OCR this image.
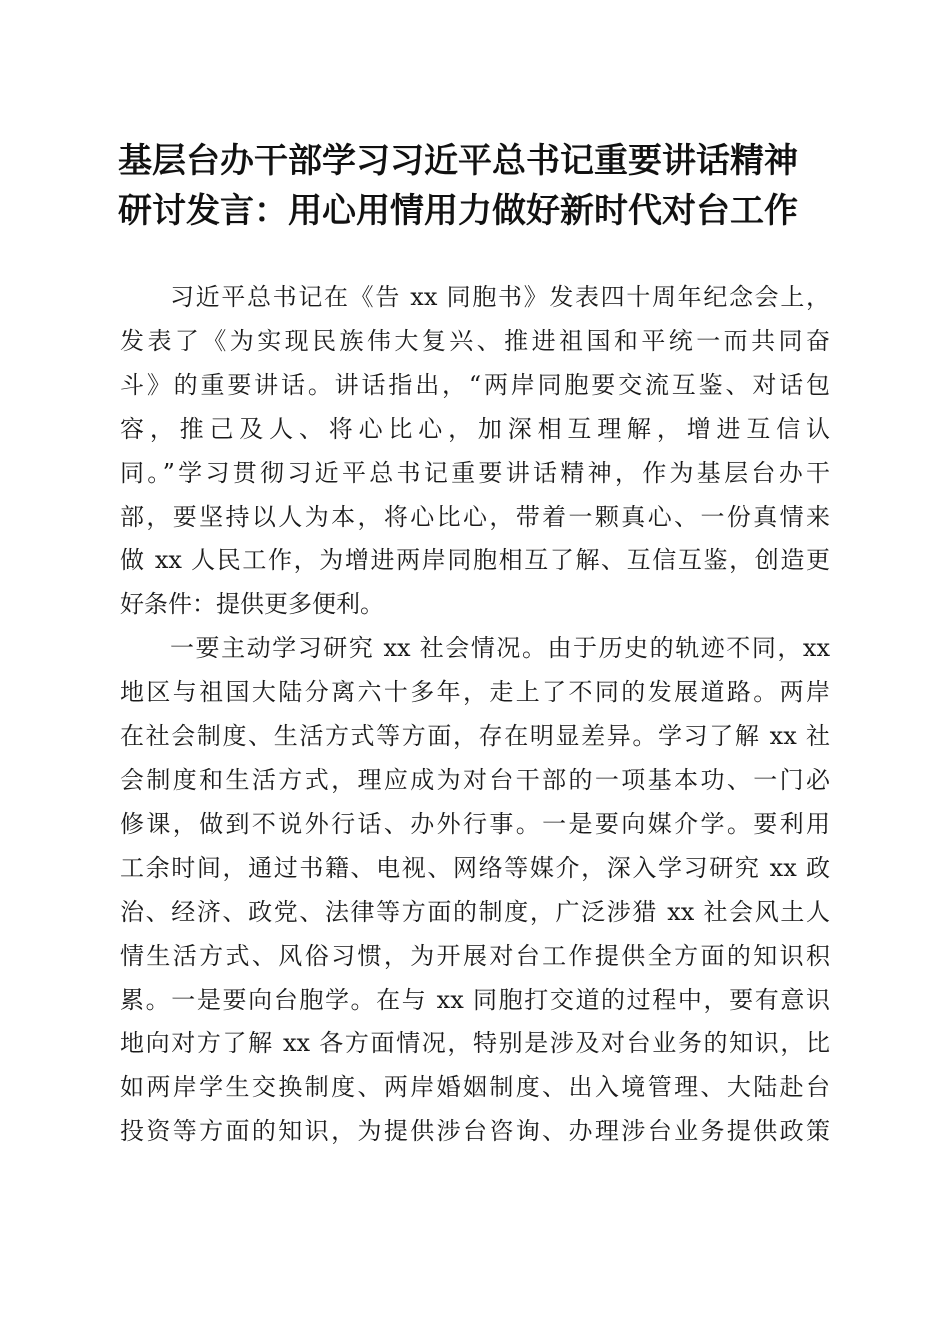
基层台办干部学习习近平总书记重要讲话精神
研讨发言：用心用情用力做好新时代对台工作

习近平总书记在《告 xx 同胞书》发表四十周年纪念会上，
发表了《为实现民族伟大复兴、推进祖国和平统一而共同奋
斗》的重要讲话。讲话指出，“两岸同胞要交流互鉴、对话包
容，推己及人、将心比心，加深相互理解，增进互信认
同。”学习贯彻习近平总书记重要讲话精神，作为基层台办干
部，要坚持以人为本，将心比心，带着一颗真心、一份真情来
做 xx 人民工作，为增进两岸同胞相互了解、互信互鉴，创造更
好条件：提供更多便利。

一要主动学习研究 xx 社会情况。由于历史的轨迹不同，xx
地区与祖国大陆分离六十多年，走上了不同的发展道路。两岸
在社会制度、生活方式等方面，存在明显差异。学习了解 xx 社
会制度和生活方式，理应成为对台干部的一项基本功、一门必
修课，做到不说外行话、办外行事。一是要向媒介学。要利用
工余时间，通过书籍、电视、网络等媒介，深入学习研究 xx 政
治、经济、政党、法律等方面的制度，广泛涉猎 xx 社会风土人
情生活方式、风俗习惯，为开展对台工作提供全方面的知识积
累。一是要向台胞学。在与 xx 同胞打交道的过程中，要有意识
地向对方了解 xx 各方面情况，特别是涉及对台业务的知识，比
如两岸学生交换制度、两岸婚姻制度、出入境管理、大陆赴台
投资等方面的知识，为提供涉台咨询、办理涉台业务提供政策
